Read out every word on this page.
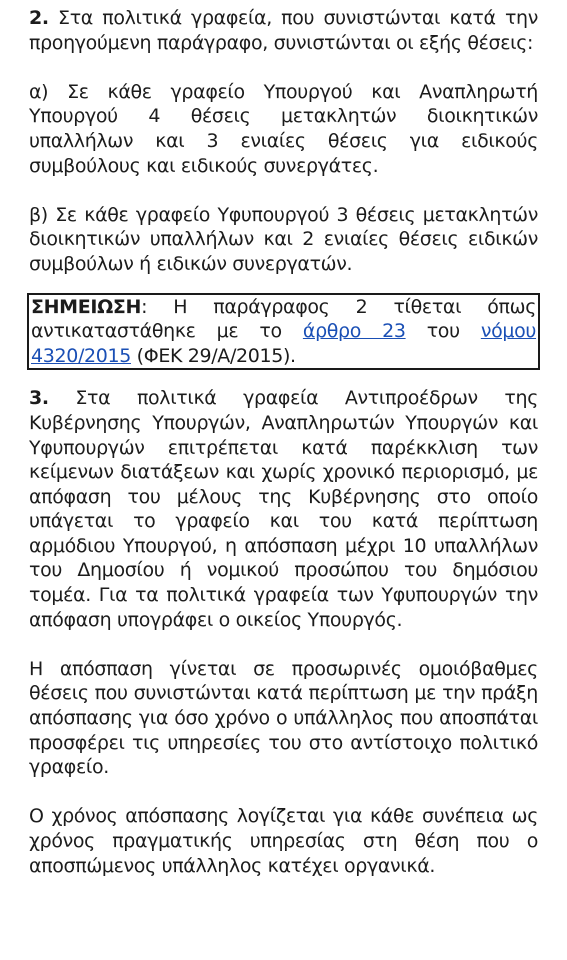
2. Στα πολιτικά γραφεία, που συνιστώνται κατά την προηγούμενη παράγραφο, συνιστώνται οι εξής θέσεις:

α) Σε κάθε γραφείο Υπουργού και Αναπληρωτή Υπουργού 4 θέσεις μετακλητών διοικητικών υπαλλήλων και 3 ενιαίες θέσεις για ειδικούς συμβούλους και ειδικούς συνεργάτες.

β) Σε κάθε γραφείο Υφυπουργού 3 θέσεις μετακλητών διοικητικών υπαλλήλων και 2 ενιαίες θέσεις ειδικών συμβούλων ή ειδικών συνεργατών.

ΣΗΜΕΙΩΣΗ: Η παράγραφος 2 τίθεται όπως αντικαταστάθηκε με το άρθρο 23 του νόμου 4320/2015 (ΦΕΚ 29/Α/2015).

3. Στα πολιτικά γραφεία Αντιπροέδρων της Κυβέρνησης Υπουργών, Αναπληρωτών Υπουργών και Υφυπουργών επιτρέπεται κατά παρέκκλιση των κείμενων διατάξεων και χωρίς χρονικό περιορισμό, με απόφαση του μέλους της Κυβέρνησης στο οποίο υπάγεται το γραφείο και του κατά περίπτωση αρμόδιου Υπουργού, η απόσπαση μέχρι 10 υπαλλήλων του Δημοσίου ή νομικού προσώπου του δημόσιου τομέα. Για τα πολιτικά γραφεία των Υφυπουργών την απόφαση υπογράφει ο οικείος Υπουργός.

Η απόσπαση γίνεται σε προσωρινές ομοιόβαθμες θέσεις που συνιστώνται κατά περίπτωση με την πράξη απόσπασης για όσο χρόνο ο υπάλληλος που αποσπάται προσφέρει τις υπηρεσίες του στο αντίστοιχο πολιτικό γραφείο.

Ο χρόνος απόσπασης λογίζεται για κάθε συνέπεια ως χρόνος πραγματικής υπηρεσίας στη θέση που ο αποσπώμενος υπάλληλος κατέχει οργανικά.
